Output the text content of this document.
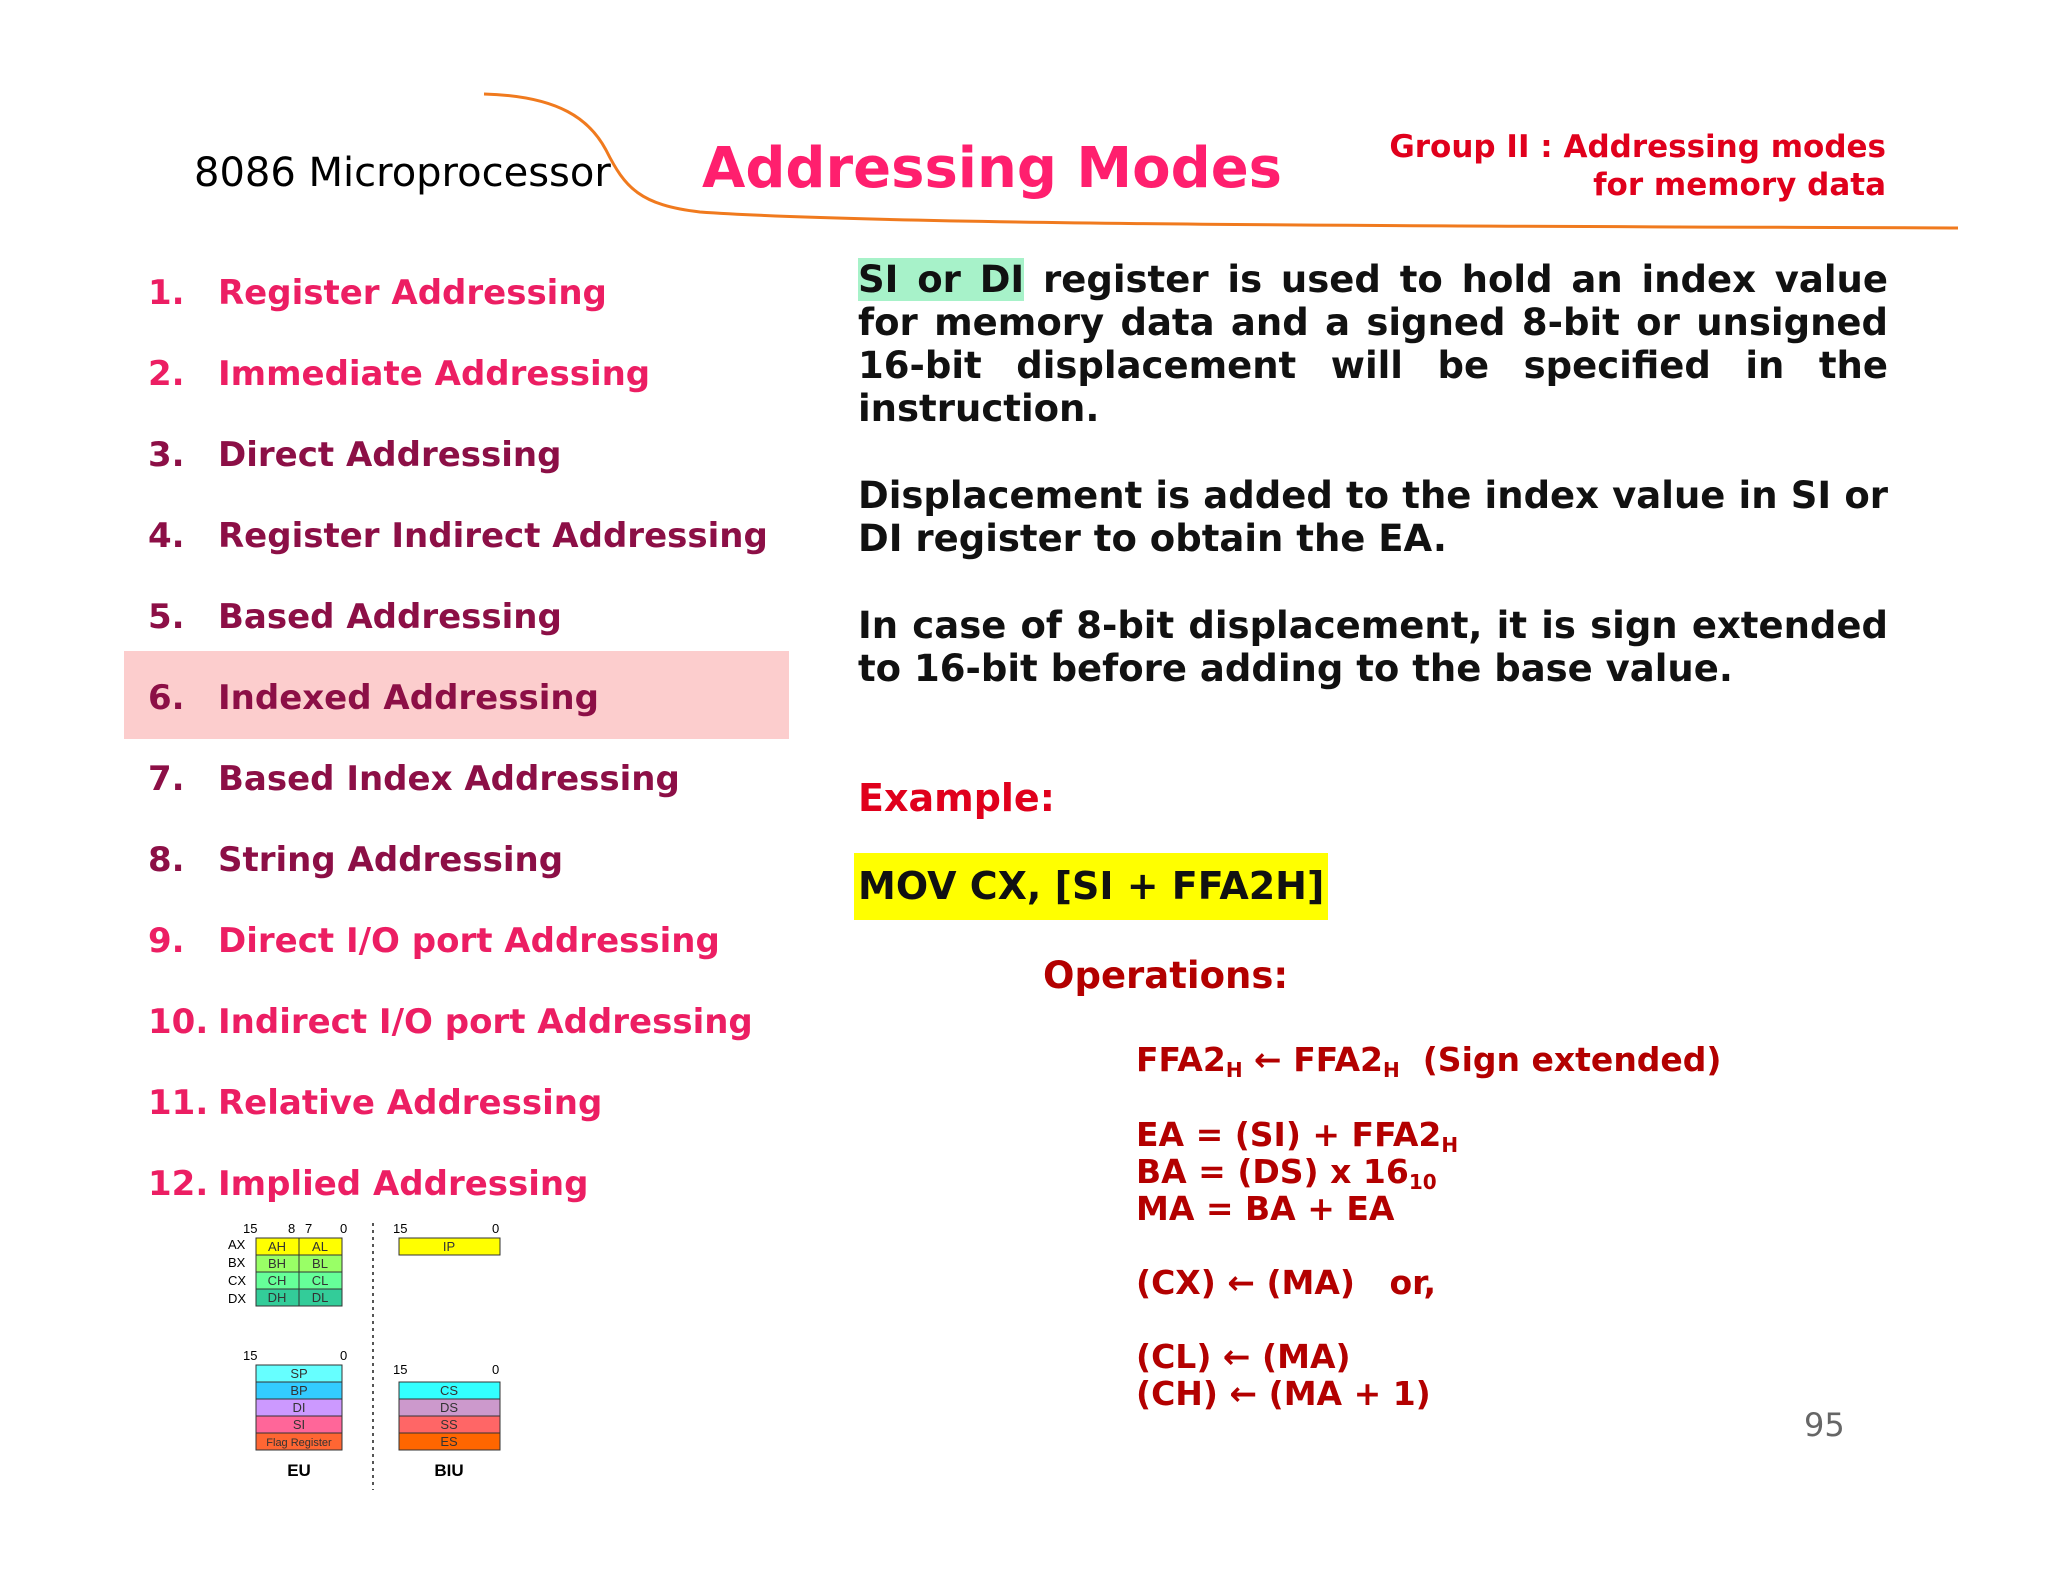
8086 Microprocessor Addressing Modes	Group II : Addressing modes
for memory data
1. Register Addressing
2. Immediate Addressing
3. Direct Addressing
4. Register Indirect Addressing
5. Based Addressing
6. Indexed Addressing
7. Based Index Addressing
8. String Addressing
9. Direct I/O port Addressing
10. Indirect I/O port Addressing
11. Relative Addressing
12. Implied Addressing

SI or DI register is used to hold an index value for memory data and a signed 8-bit or unsigned 16-bit displacement will be specified in the instruction.

Displacement is added to the index value in SI or DI register to obtain the EA.

In case of 8-bit displacement, it is sign extended to 16-bit before adding to the base value.

Example:
MOV CX, [SI + FFA2H]
Operations:
$FFA2_H$ ← $FFA2_H$  (Sign extended)
EA = $(SI) + FFA2_H$
BA = (DS) x $16_{10}$
MA = BA + EA
(CX) ← (MA)   or,
(CL) ← (MA)
(CH) ← (MA + 1)
95
15 8 7 0
AX
BX
CX
DX
AH AL
BH BL
CH CL
DH DL
15	0
SP
BP
DI
SI
Flag Register
15	0
IP
15	0
CS
DS
SS
ES
EU	BIU
